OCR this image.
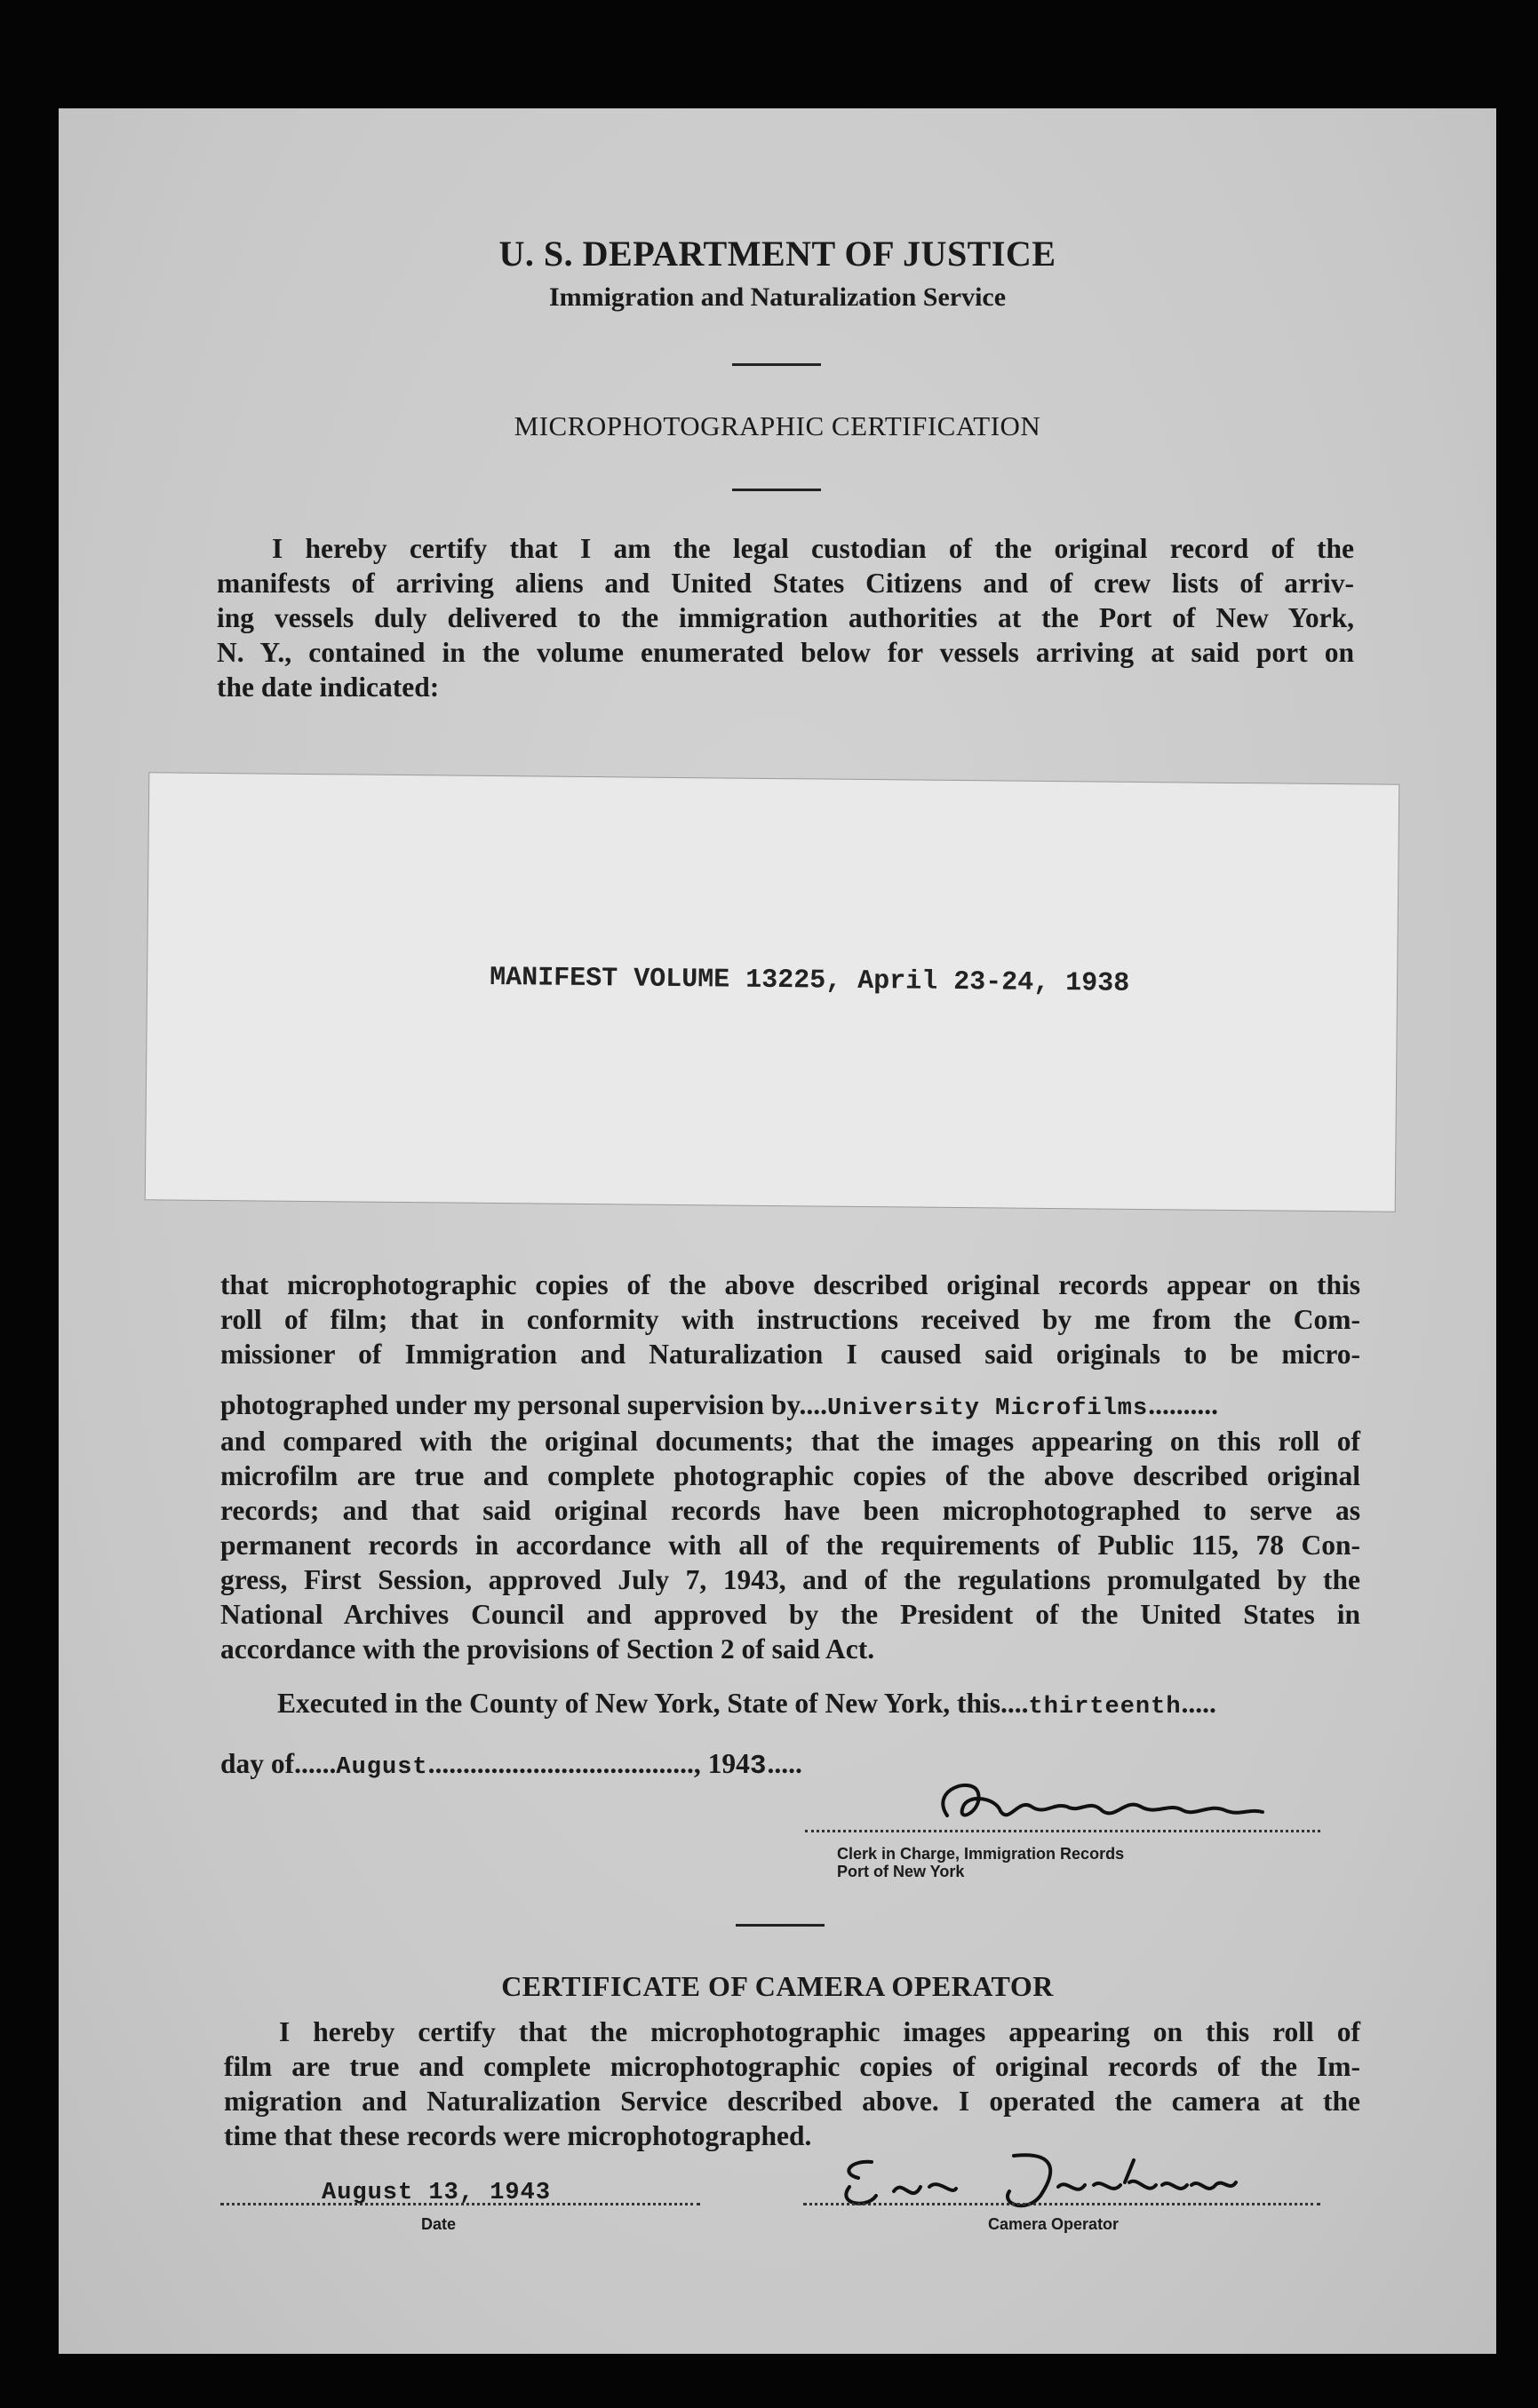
U. S. DEPARTMENT OF JUSTICE
Immigration and Naturalization Service
MICROPHOTOGRAPHIC CERTIFICATION
I hereby certify that I am the legal custodian of the original record of the
manifests of arriving aliens and United States Citizens and of crew lists of arriv-
ing vessels duly delivered to the immigration authorities at the Port of New York,
N. Y., contained in the volume enumerated below for vessels arriving at said port on
the date indicated:
MANIFEST VOLUME 13225, April 23-24, 1938
that microphotographic copies of the above described original records appear on this
roll of film; that in conformity with instructions received by me from the Com-
missioner of Immigration and Naturalization I caused said originals to be micro-
photographed under my personal supervision by....University Microfilms..........
and compared with the original documents; that the images appearing on this roll of
microfilm are true and complete photographic copies of the above described original
records; and that said original records have been microphotographed to serve as
permanent records in accordance with all of the requirements of Public 115, 78 Con-
gress, First Session, approved July 7, 1943, and of the regulations promulgated by the
National Archives Council and approved by the President of the United States in
accordance with the provisions of Section 2 of said Act.
Executed in the County of New York, State of New York, this....thirteenth.....
day of......August......................................, 1943.....
Clerk in Charge, Immigration Records
Port of New York
CERTIFICATE OF CAMERA OPERATOR
I hereby certify that the microphotographic images appearing on this roll of
film are true and complete microphotographic copies of original records of the Im-
migration and Naturalization Service described above. I operated the camera at the
time that these records were microphotographed.
August 13, 1943
Date	Camera Operator
